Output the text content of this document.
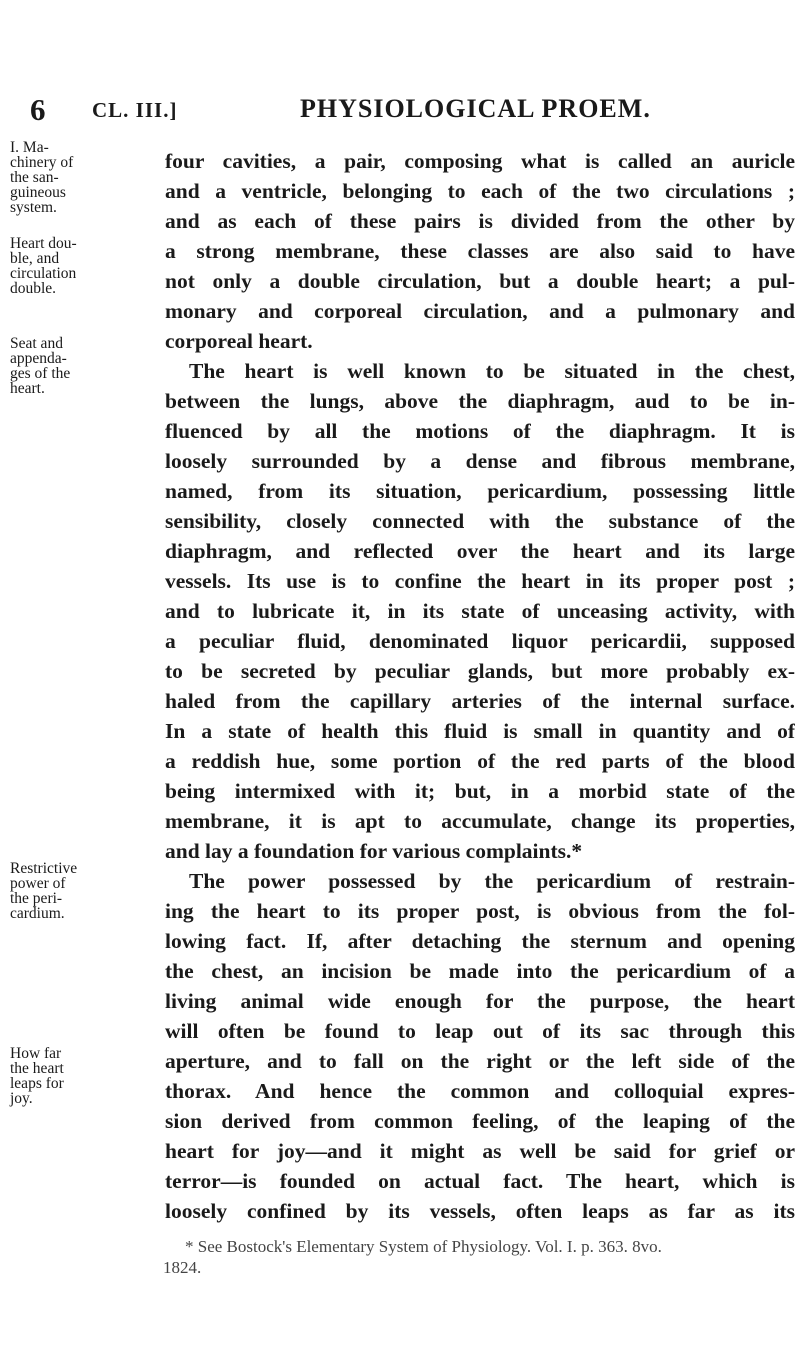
6 CL. III.]	PHYSIOLOGICAL PROEM.
I. Ma-
chinery of
the san-
guineous
system.
Heart dou-
ble, and
circulation
double.
Seat and
appenda-
ges of the
heart.
Restrictive
power of
the peri-
cardium.
How far
the heart
leaps for
joy.
four cavities, a pair, composing what is called an auricle
and a ventricle, belonging to each of the two circulations ;
and as each of these pairs is divided from the other by
a strong membrane, these classes are also said to have
not only a double circulation, but a double heart; a pul-
monary and corporeal circulation, and a pulmonary and
corporeal heart.
The heart is well known to be situated in the chest,
between the lungs, above the diaphragm, aud to be in-
fluenced by all the motions of the diaphragm. It is
loosely surrounded by a dense and fibrous membrane,
named, from its situation, pericardium, possessing little
sensibility, closely connected with the substance of the
diaphragm, and reflected over the heart and its large
vessels. Its use is to confine the heart in its proper post ;
and to lubricate it, in its state of unceasing activity, with
a peculiar fluid, denominated liquor pericardii, supposed
to be secreted by peculiar glands, but more probably ex-
haled from the capillary arteries of the internal surface.
In a state of health this fluid is small in quantity and of
a reddish hue, some portion of the red parts of the blood
being intermixed with it; but, in a morbid state of the
membrane, it is apt to accumulate, change its properties,
and lay a foundation for various complaints.*
The power possessed by the pericardium of restrain-
ing the heart to its proper post, is obvious from the fol-
lowing fact. If, after detaching the sternum and opening
the chest, an incision be made into the pericardium of a
living animal wide enough for the purpose, the heart
will often be found to leap out of its sac through this
aperture, and to fall on the right or the left side of the
thorax. And hence the common and colloquial expres-
sion derived from common feeling, of the leaping of the
heart for joy—and it might as well be said for grief or
terror—is founded on actual fact. The heart, which is
loosely confined by its vessels, often leaps as far as its
* See Bostock's Elementary System of Physiology. Vol. I. p. 363. 8vo.
1824.
